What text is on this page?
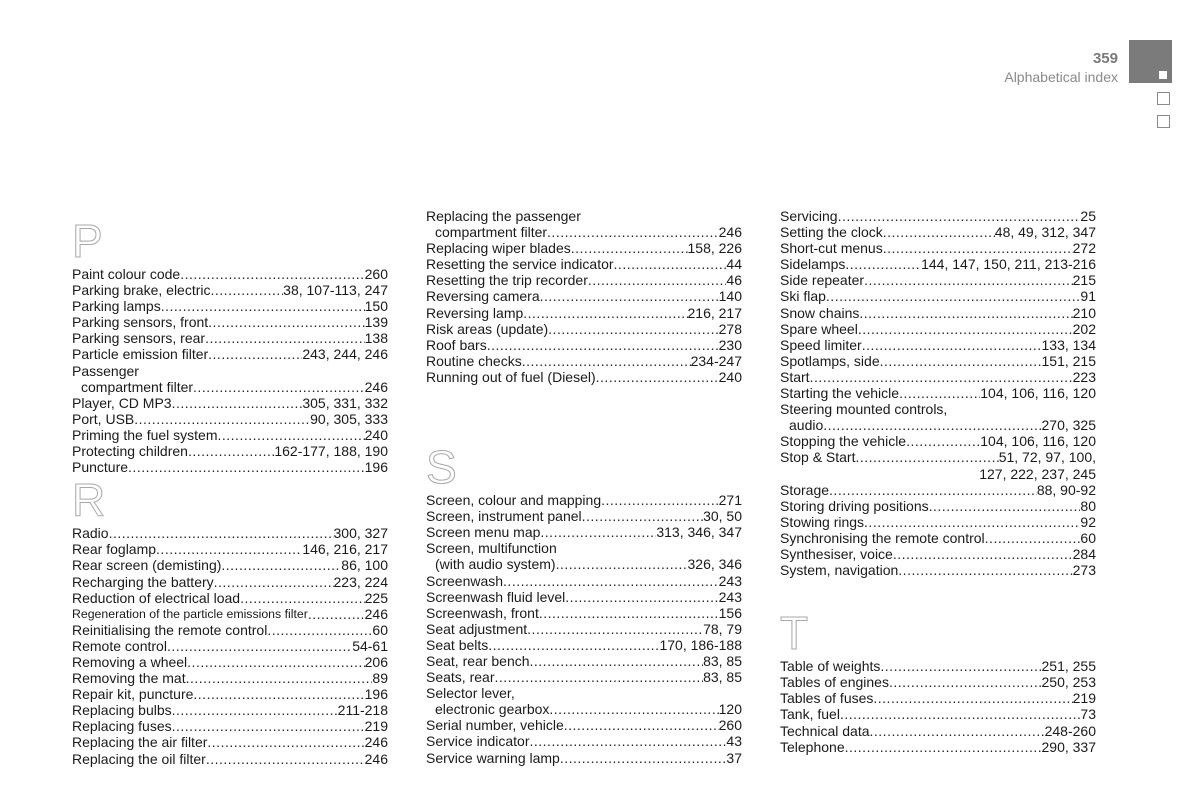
359
Alphabetical index
P
Paint colour code .....	260
Parking brake, electric .....	38, 107-113, 247
Parking lamps .....	150
Parking sensors, front .....	139
Parking sensors, rear .....	138
Particle emission filter .....	243, 244, 246
Passenger
compartment filter .....	246
Player, CD MP3 .....	305, 331, 332
Port, USB .....	90, 305, 333
Priming the fuel system .....	240
Protecting children .....	162-177, 188, 190
Puncture .....	196
R
Radio .....	300, 327
Rear foglamp .....	146, 216, 217
Rear screen (demisting) .....	86, 100
Recharging the battery .....	223, 224
Reduction of electrical load .....	225
Regeneration of the particle emissions filter .....	246
Reinitialising the remote control .....	60
Remote control .....	54-61
Removing a wheel .....	206
Removing the mat .....	89
Repair kit, puncture .....	196
Replacing bulbs .....	211-218
Replacing fuses .....	219
Replacing the air filter .....	246
Replacing the oil filter .....	246
Replacing the passenger
compartment filter .....	246
Replacing wiper blades .....	158, 226
Resetting the service indicator .....	44
Resetting the trip recorder .....	46
Reversing camera .....	140
Reversing lamp .....	216, 217
Risk areas (update) .....	278
Roof bars .....	230
Routine checks .....	234-247
Running out of fuel (Diesel) .....	240
S
Screen, colour and mapping .....	271
Screen, instrument panel .....	30, 50
Screen menu map .....	313, 346, 347
Screen, multifunction
(with audio system) .....	326, 346
Screenwash .....	243
Screenwash fluid level .....	243
Screenwash, front .....	156
Seat adjustment .....	78, 79
Seat belts .....	170, 186-188
Seat, rear bench .....	83, 85
Seats, rear .....	83, 85
Selector lever,
electronic gearbox .....	120
Serial number, vehicle .....	260
Service indicator .....	43
Service warning lamp .....	37
Servicing .....	25
Setting the clock .....	48, 49, 312, 347
Short-cut menus .....	272
Sidelamps .....	144, 147, 150, 211, 213-216
Side repeater .....	215
Ski flap .....	91
Snow chains .....	210
Spare wheel .....	202
Speed limiter .....	133, 134
Spotlamps, side .....	151, 215
Start .....	223
Starting the vehicle .....	104, 106, 116, 120
Steering mounted controls,
audio .....	270, 325
Stopping the vehicle .....	104, 106, 116, 120
Stop & Start .....	51, 72, 97, 100,
127, 222, 237, 245
Storage .....	88, 90-92
Storing driving positions .....	80
Stowing rings .....	92
Synchronising the remote control .....	60
Synthesiser, voice .....	284
System, navigation .....	273
T
Table of weights .....	251, 255
Tables of engines .....	250, 253
Tables of fuses .....	219
Tank, fuel .....	73
Technical data .....	248-260
Telephone .....	290, 337
